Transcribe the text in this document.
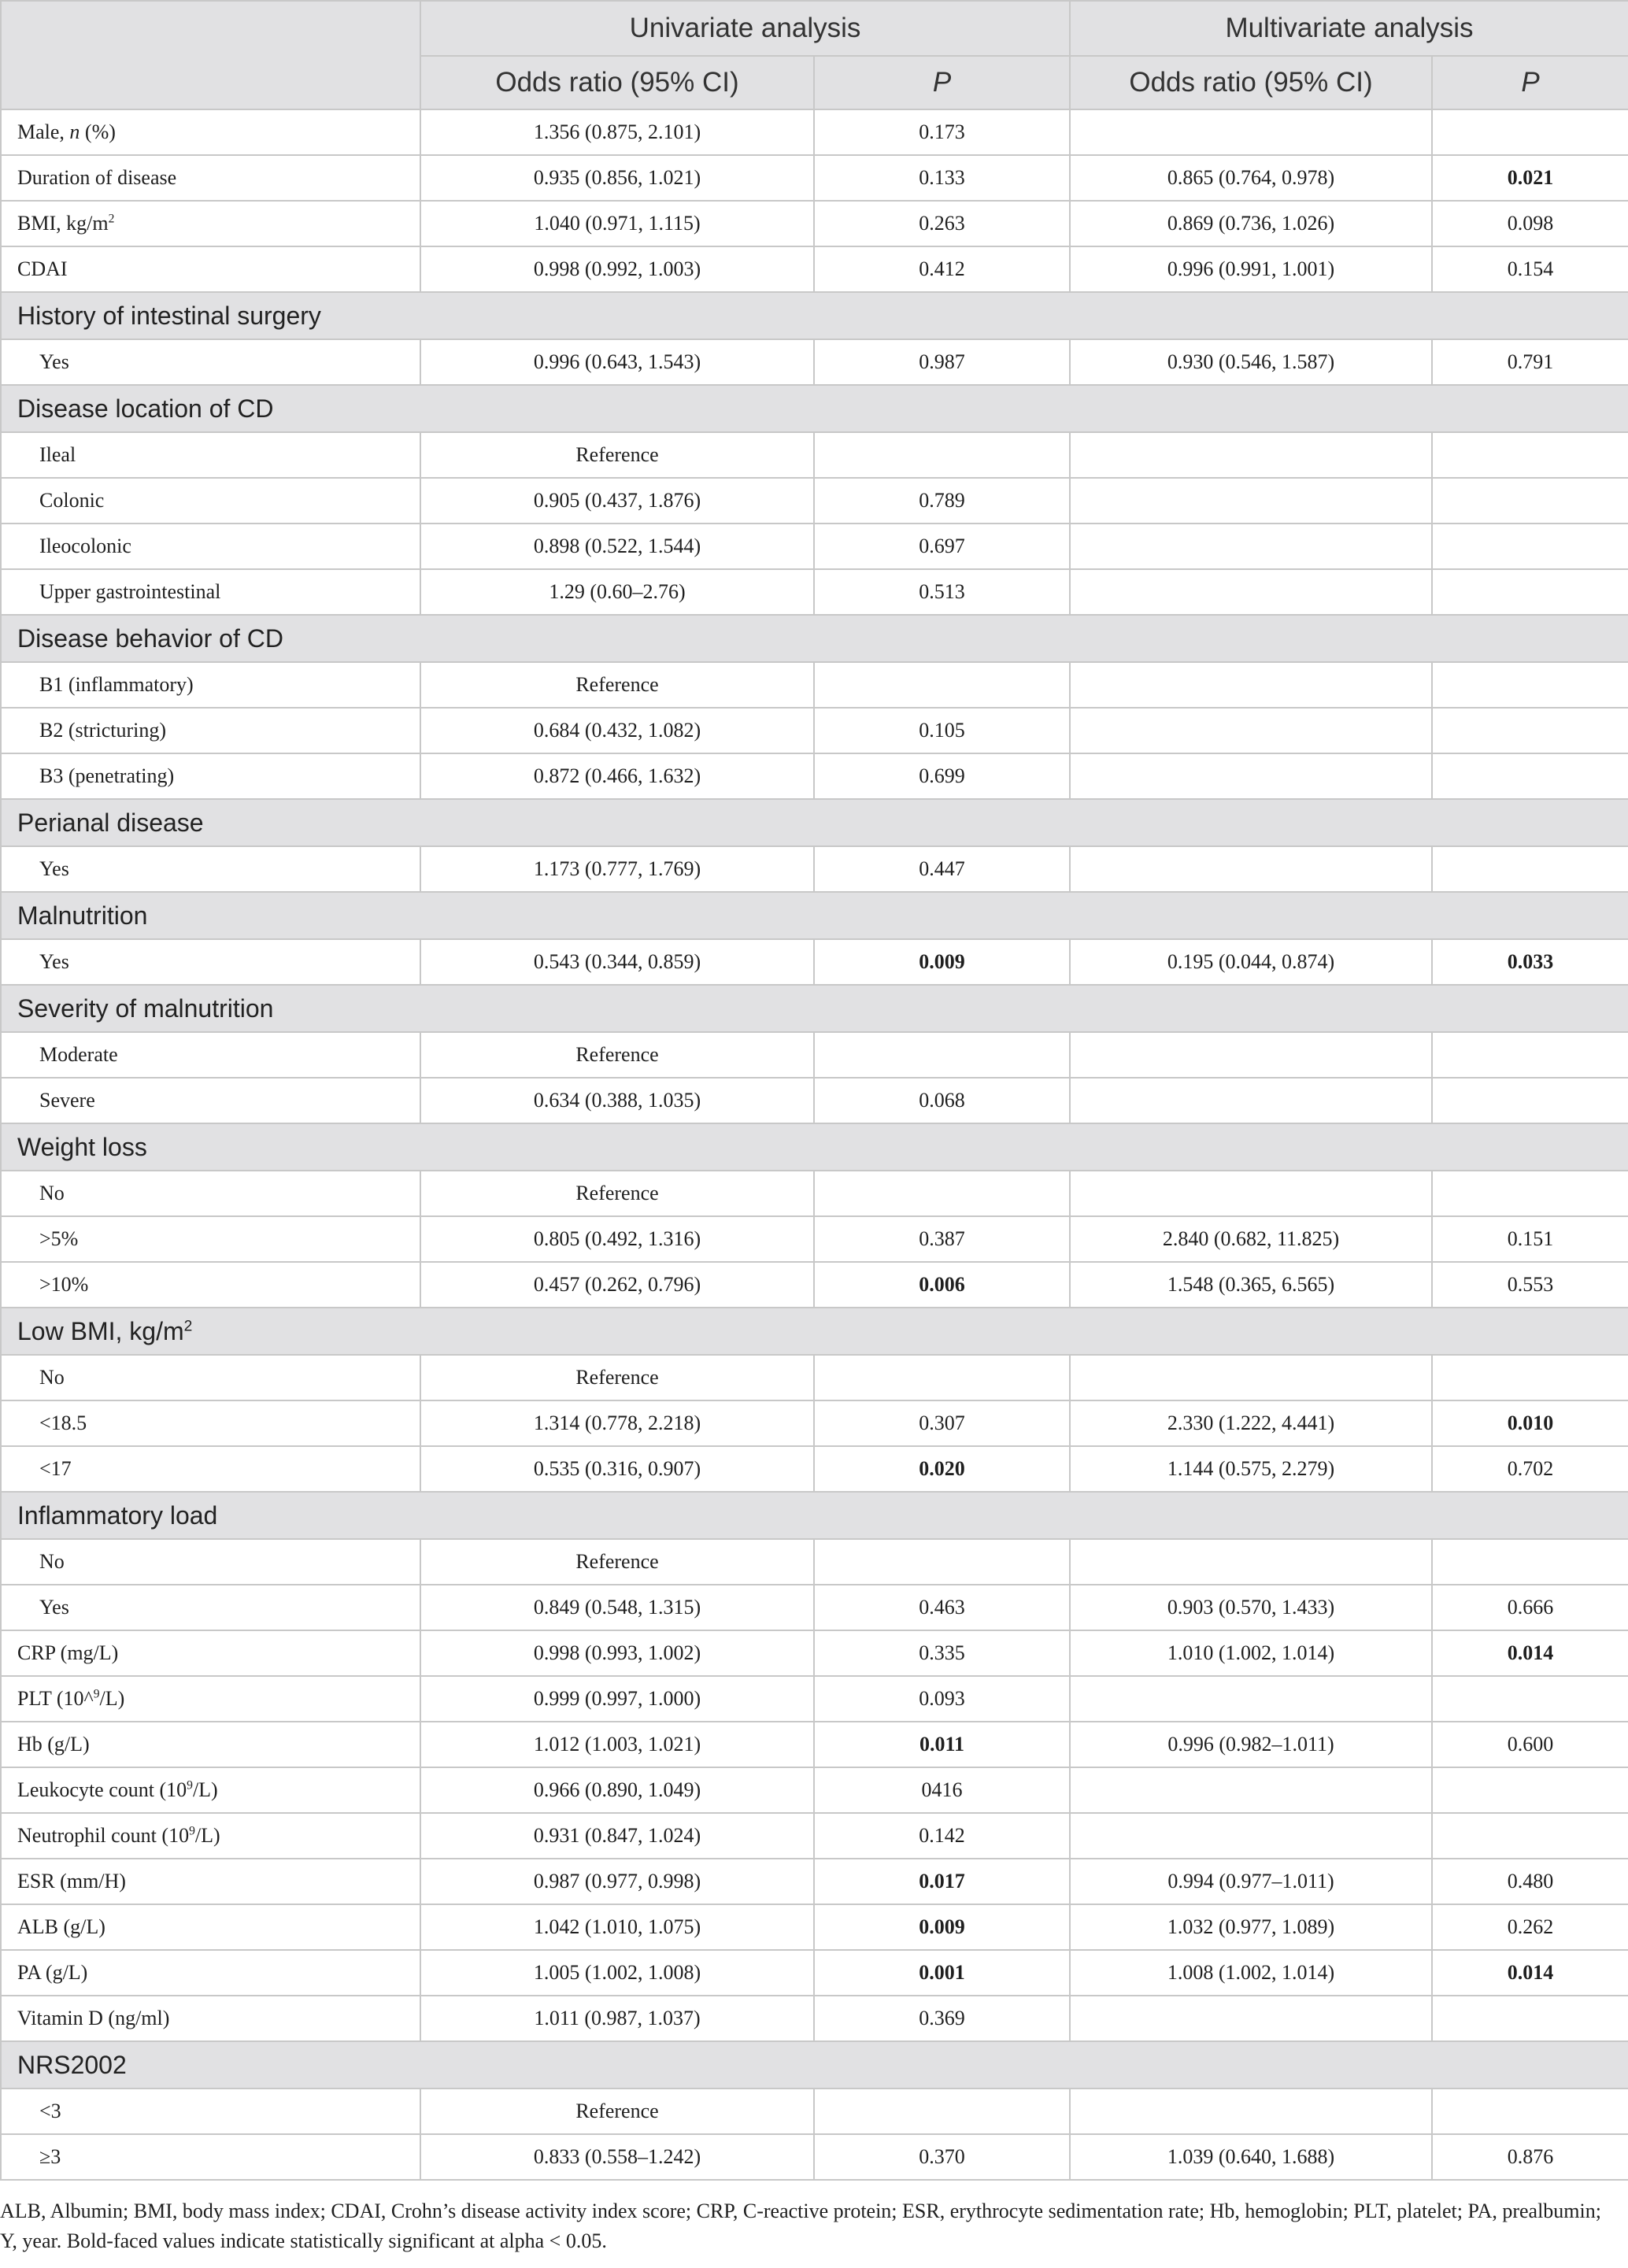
	Univariate analysis		Multivariate analysis	
	Odds ratio (95% CI)	P	Odds ratio (95% CI)	P
Male, n (%)	1.356 (0.875, 2.101)	0.173		
Duration of disease	0.935 (0.856, 1.021)	0.133	0.865 (0.764, 0.978)	0.021
BMI, $kg/m^2$	1.040 (0.971, 1.115)	0.263	0.869 (0.736, 1.026)	0.098
CDAI	0.998 (0.992, 1.003)	0.412	0.996 (0.991, 1.001)	0.154
History of intestinal surgery				
Yes	0.996 (0.643, 1.543)	0.987	0.930 (0.546, 1.587)	0.791
Disease location of CD				
Ileal	Reference			
Colonic	0.905 (0.437, 1.876)	0.789		
Ileocolonic	0.898 (0.522, 1.544)	0.697		
Upper gastrointestinal	1.29 (0.60–2.76)	0.513		
Disease behavior of CD				
B1 (inflammatory)	Reference			
B2 (stricturing)	0.684 (0.432, 1.082)	0.105		
B3 (penetrating)	0.872 (0.466, 1.632)	0.699		
Perianal disease				
Yes	1.173 (0.777, 1.769)	0.447		
Malnutrition				
Yes	0.543 (0.344, 0.859)	0.009	0.195 (0.044, 0.874)	0.033
Severity of malnutrition				
Moderate	Reference			
Severe	0.634 (0.388, 1.035)	0.068		
Weight loss				
No	Reference			
>5%	0.805 (0.492, 1.316)	0.387	2.840 (0.682, 11.825)	0.151
>10%	0.457 (0.262, 0.796)	0.006	1.548 (0.365, 6.565)	0.553
Low BMI, $kg/m^2$
No	Reference			
<18.5	1.314 (0.778, 2.218)	0.307	2.330 (1.222, 4.441)	0.010
<17	0.535 (0.316, 0.907)	0.020	1.144 (0.575, 2.279)	0.702
Inflammatory load				
No	Reference			
Yes	0.849 (0.548, 1.315)	0.463	0.903 (0.570, 1.433)	0.666
CRP (mg/L)	0.998 (0.993, 1.002)	0.335	1.010 (1.002, 1.014)	0.014
PLT (10^$^9$/L)	0.999 (0.997, 1.000)	0.093		
Hb (g/L)	1.012 (1.003, 1.021)	0.011	0.996 (0.982–1.011)	0.600
Leukocyte count $(10^9/L)$	0.966 (0.890, 1.049)	0416		
Neutrophil count $(10^9/L)$	0.931 (0.847, 1.024)	0.142		
ESR (mm/H)	0.987 (0.977, 0.998)	0.017	0.994 (0.977–1.011)	0.480
ALB (g/L)	1.042 (1.010, 1.075)	0.009	1.032 (0.977, 1.089)	0.262
PA (g/L)	1.005 (1.002, 1.008)	0.001	1.008 (1.002, 1.014)	0.014
Vitamin D (ng/ml)	1.011 (0.987, 1.037)	0.369		
NRS2002				
<3	Reference			
≥3	0.833 (0.558–1.242)	0.370	1.039 (0.640, 1.688)	0.876
ALB, Albumin; BMI, body mass index; CDAI, Crohn’s disease activity index score; CRP, C-reactive protein; ESR, erythrocyte sedimentation rate; Hb, hemoglobin; PLT, platelet; PA, prealbumin; Y, year. Bold-faced values indicate statistically significant at alpha < 0.05.
